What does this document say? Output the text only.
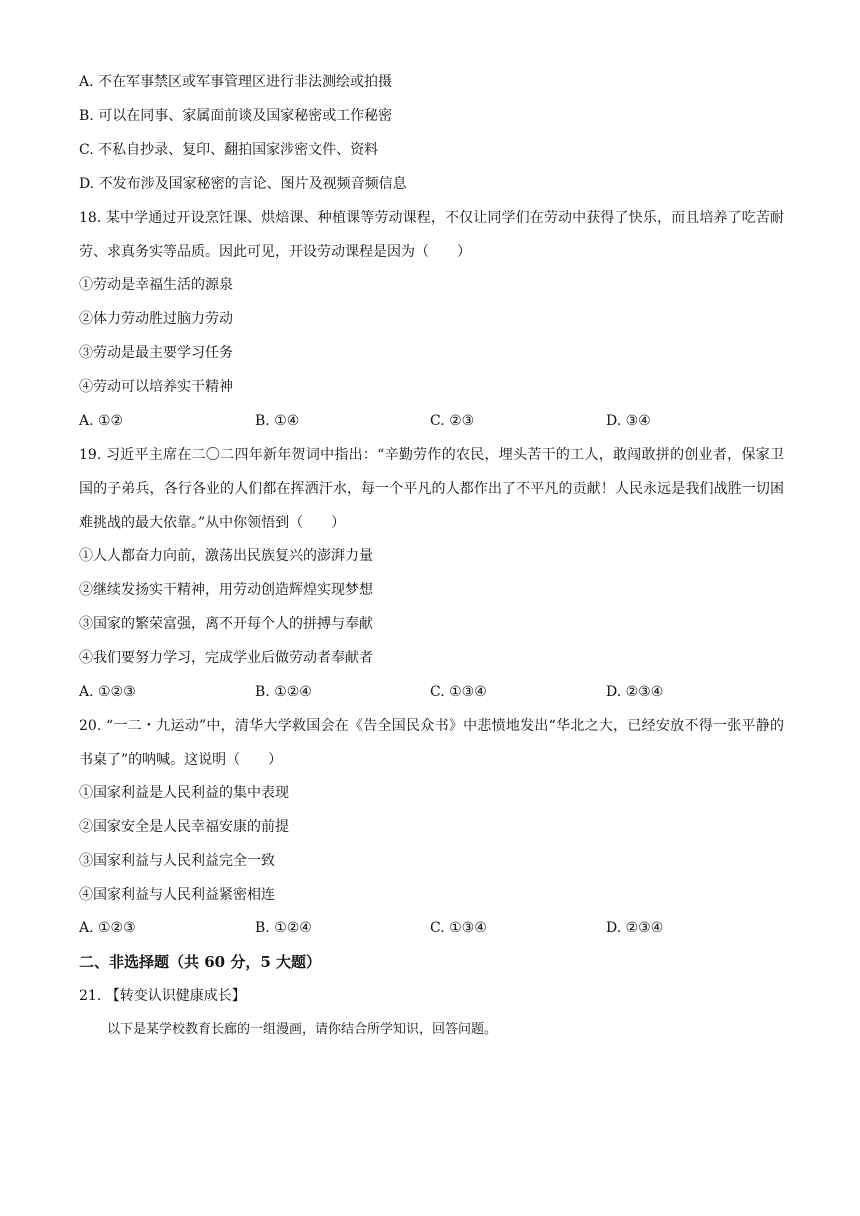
A. 不在军事禁区或军事管理区进行非法测绘或拍摄
B. 可以在同事、家属面前谈及国家秘密或工作秘密
C. 不私自抄录、复印、翻拍国家涉密文件、资料
D. 不发布涉及国家秘密的言论、图片及视频音频信息
18. 某中学通过开设烹饪课、烘焙课、种植课等劳动课程，不仅让同学们在劳动中获得了快乐，而且培养了吃苦耐劳、求真务实等品质。因此可见，开设劳动课程是因为（　　）
①劳动是幸福生活的源泉
②体力劳动胜过脑力劳动
③劳动是最主要学习任务
④劳动可以培养实干精神
A. ①②	B. ①④	C. ②③	D. ③④
19. 习近平主席在二〇二四年新年贺词中指出：“辛勤劳作的农民，埋头苦干的工人，敢闯敢拼的创业者，保家卫国的子弟兵，各行各业的人们都在挥洒汗水，每一个平凡的人都作出了不平凡的贡献！人民永远是我们战胜一切困难挑战的最大依靠。”从中你领悟到（　　）
①人人都奋力向前，激荡出民族复兴的澎湃力量
②继续发扬实干精神，用劳动创造辉煌实现梦想
③国家的繁荣富强，离不开每个人的拼搏与奉献
④我们要努力学习，完成学业后做劳动者奉献者
A. ①②③	B. ①②④	C. ①③④	D. ②③④
20. “一二・九运动”中，清华大学救国会在《告全国民众书》中悲愤地发出“华北之大，已经安放不得一张平静的书桌了”的呐喊。这说明（　　）
①国家利益是人民利益的集中表现
②国家安全是人民幸福安康的前提
③国家利益与人民利益完全一致
④国家利益与人民利益紧密相连
A. ①②③	B. ①②④	C. ①③④	D. ②③④
二、非选择题（共 60 分，5 大题）
21. 【转变认识健康成长】
以下是某学校教育长廊的一组漫画，请你结合所学知识，回答问题。
